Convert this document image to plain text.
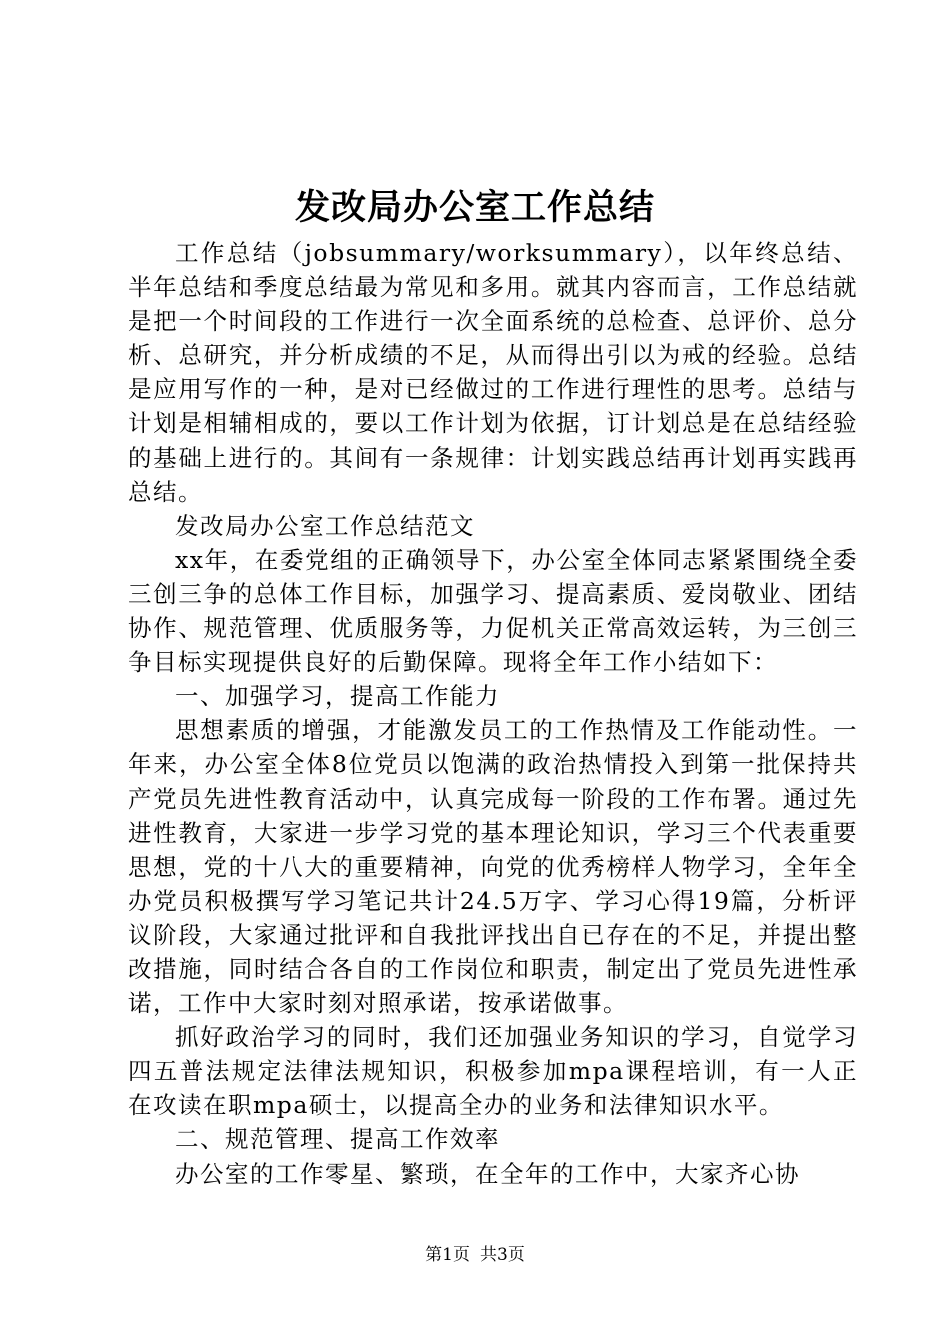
发改局办公室工作总结

工作总结（jobsummary/worksummary），以年终总结、半年总结和季度总结最为常见和多用。就其内容而言，工作总结就是把一个时间段的工作进行一次全面系统的总检查、总评价、总分析、总研究，并分析成绩的不足，从而得出引以为戒的经验。总结是应用写作的一种，是对已经做过的工作进行理性的思考。总结与计划是相辅相成的，要以工作计划为依据，订计划总是在总结经验的基础上进行的。其间有一条规律：计划实践总结再计划再实践再总结。

发改局办公室工作总结范文

xx年，在委党组的正确领导下，办公室全体同志紧紧围绕全委三创三争的总体工作目标，加强学习、提高素质、爱岗敬业、团结协作、规范管理、优质服务等，力促机关正常高效运转，为三创三争目标实现提供良好的后勤保障。现将全年工作小结如下：

一、加强学习，提高工作能力

思想素质的增强，才能激发员工的工作热情及工作能动性。一年来，办公室全体8位党员以饱满的政治热情投入到第一批保持共产党员先进性教育活动中，认真完成每一阶段的工作布署。通过先进性教育，大家进一步学习党的基本理论知识，学习三个代表重要思想，党的十八大的重要精神，向党的优秀榜样人物学习，全年全办党员积极撰写学习笔记共计24.5万字、学习心得19篇，分析评议阶段，大家通过批评和自我批评找出自已存在的不足，并提出整改措施，同时结合各自的工作岗位和职责，制定出了党员先进性承诺，工作中大家时刻对照承诺，按承诺做事。

抓好政治学习的同时，我们还加强业务知识的学习，自觉学习四五普法规定法律法规知识，积极参加mpa课程培训，有一人正在攻读在职mpa硕士，以提高全办的业务和法律知识水平。

二、规范管理、提高工作效率

办公室的工作零星、繁琐，在全年的工作中，大家齐心协

第1页 共3页
